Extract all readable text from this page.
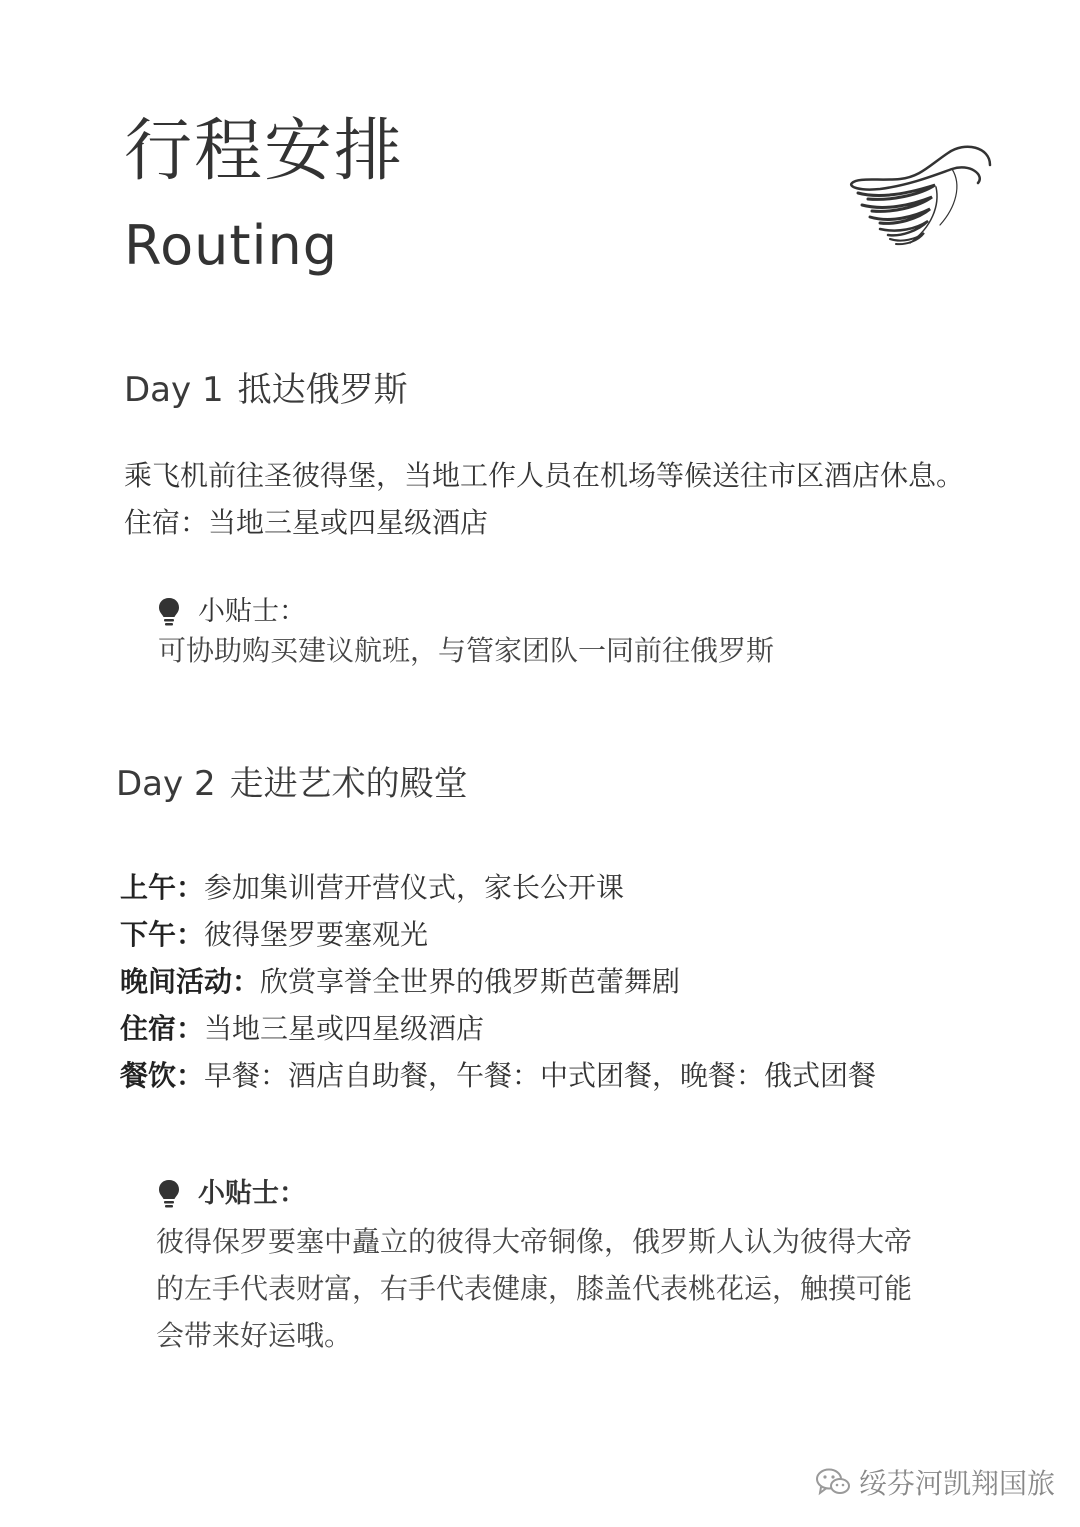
行程安排
Routing
Day 1 抵达俄罗斯
乘飞机前往圣彼得堡，当地工作人员在机场等候送往市区酒店休息。
住宿：当地三星或四星级酒店
小贴士：
可协助购买建议航班，与管家团队一同前往俄罗斯
Day 2 走进艺术的殿堂
上午：参加集训营开营仪式，家长公开课
下午：彼得堡罗要塞观光
晚间活动：欣赏享誉全世界的俄罗斯芭蕾舞剧
住宿：当地三星或四星级酒店
餐饮：早餐：酒店自助餐，午餐：中式团餐，晚餐：俄式团餐
小贴士：
彼得保罗要塞中矗立的彼得大帝铜像，俄罗斯人认为彼得大帝
的左手代表财富，右手代表健康，膝盖代表桃花运，触摸可能
会带来好运哦。
绥芬河凯翔国旅
